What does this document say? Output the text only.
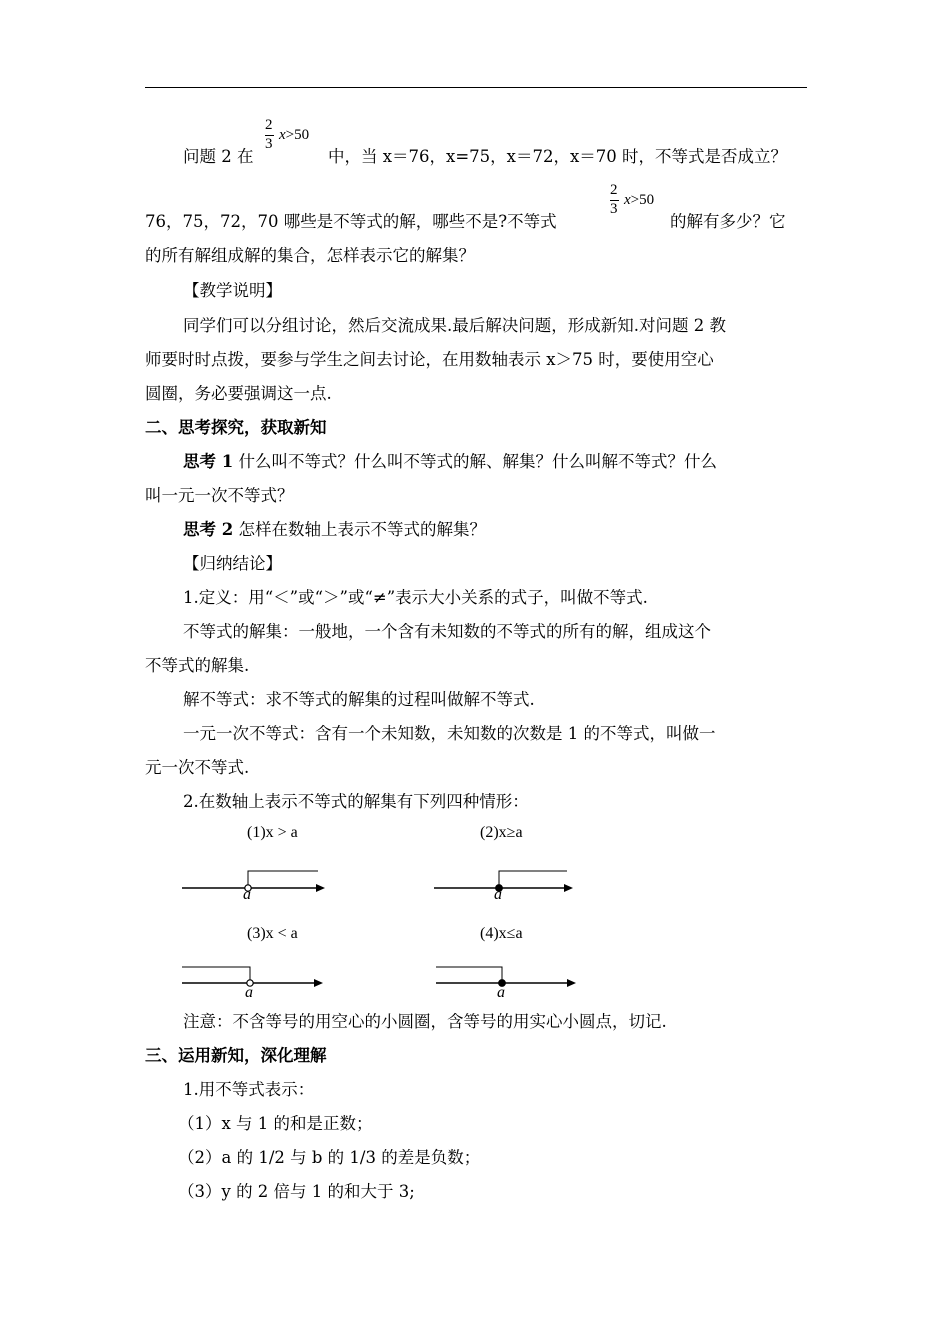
问题 2 在
2
3
x>50
中，当 x＝76，x=75，x＝72，x＝70 时，不等式是否成立？
76，75，72，70 哪些是不等式的解，哪些不是?不等式
2
3
x>50
的解有多少？它
的所有解组成解的集合，怎样表示它的解集？
【教学说明】
同学们可以分组讨论，然后交流成果.最后解决问题，形成新知.对问题 2 教
师要时时点拨，要参与学生之间去讨论，在用数轴表示 x＞75 时，要使用空心
圆圈，务必要强调这一点.
二、思考探究，获取新知
思考 1 什么叫不等式？什么叫不等式的解、解集？什么叫解不等式？什么
叫一元一次不等式？
思考 2 怎样在数轴上表示不等式的解集？
【归纳结论】
1.定义：用“＜”或“＞”或“≠”表示大小关系的式子，叫做不等式.
不等式的解集：一般地，一个含有未知数的不等式的所有的解，组成这个
不等式的解集.
解不等式：求不等式的解集的过程叫做解不等式.
一元一次不等式：含有一个未知数，未知数的次数是 1 的不等式，叫做一
元一次不等式.
2.在数轴上表示不等式的解集有下列四种情形：
(1)x > a	(2)x≥a
(3)x < a	(4)x≤a
a	a
a	a
注意：不含等号的用空心的小圆圈，含等号的用实心小圆点，切记.
三、运用新知，深化理解
1.用不等式表示：
（1）x 与 1 的和是正数；
（2）a 的 1/2 与 b 的 1/3 的差是负数；
（3）y 的 2 倍与 1 的和大于 3;
